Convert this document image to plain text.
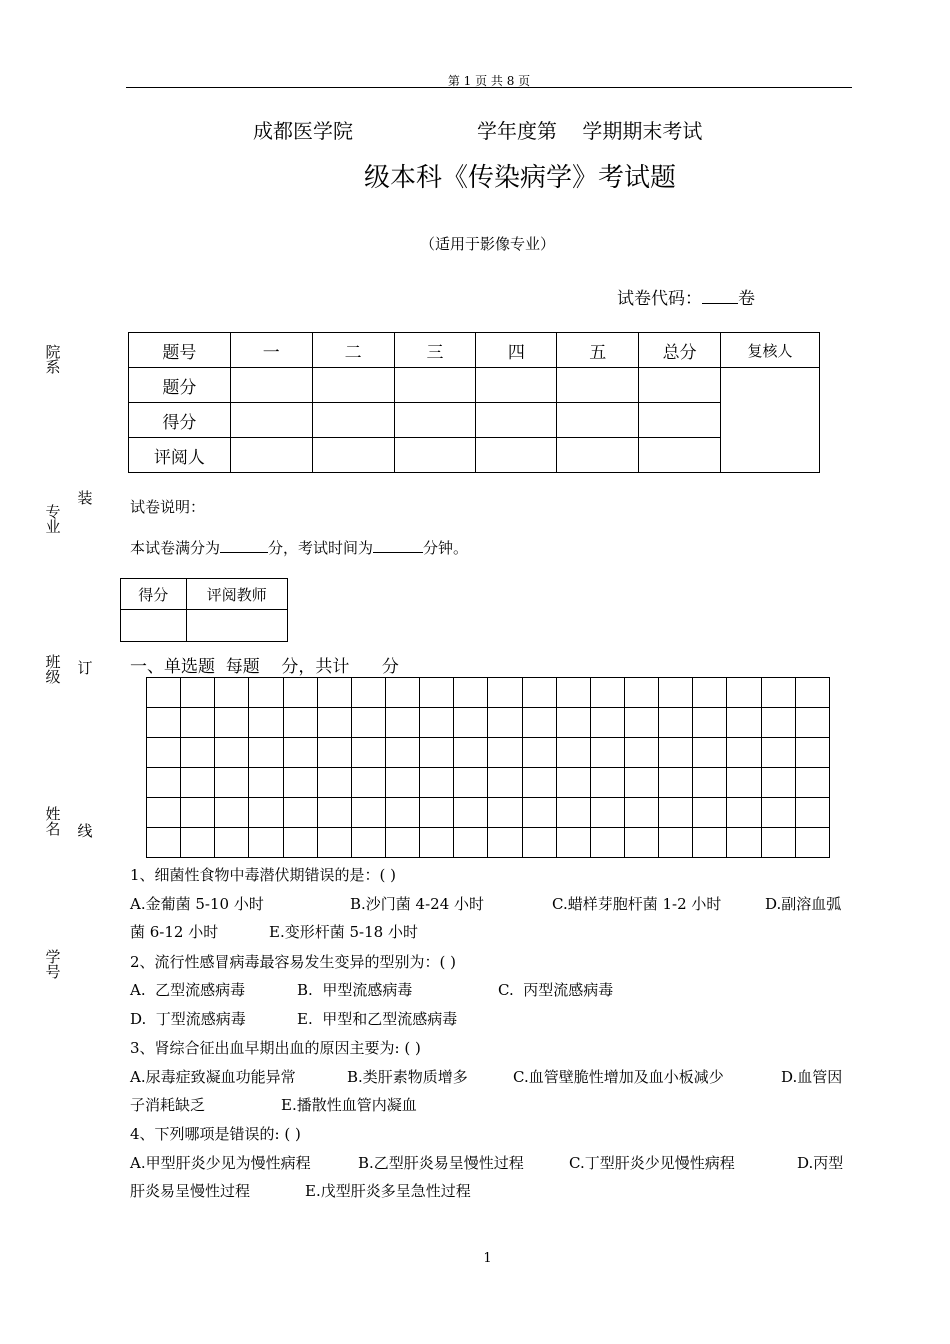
第 1 页 共 8 页
成都医学院	学年度第    学期期末考试
级本科《传染病学》考试题
（适用于影像专业）
试卷代码： 卷
题号	一	二	三	四	五	总分	复核人
题分							
得分							
评阅人							
院系
专业
班级
姓名
学号
装
订
线
试卷说明：
本试卷满分为	分，考试时间为	分钟。
得分	评阅教师

一、单选题  每题    分，共计      分

1、细菌性食物中毒潜伏期错误的是：( )
A.金葡菌 5-10 小时	B.沙门菌 4-24 小时	C.蜡样芽胞杆菌 1-2 小时	D.副溶血弧
菌 6-12 小时	E.变形杆菌 5-18 小时
2、流行性感冒病毒最容易发生变异的型别为：( )
A.  乙型流感病毒	B.  甲型流感病毒	C.  丙型流感病毒
D.  丁型流感病毒	E.  甲型和乙型流感病毒
3、肾综合征出血早期出血的原因主要为: ( )
A.尿毒症致凝血功能异常	B.类肝素物质增多	C.血管壁脆性增加及血小板减少	D.血管因
子消耗缺乏	E.播散性血管内凝血
4、下列哪项是错误的: ( )
A.甲型肝炎少见为慢性病程	B.乙型肝炎易呈慢性过程	C.丁型肝炎少见慢性病程	D.丙型
肝炎易呈慢性过程	E.戊型肝炎多呈急性过程
1
